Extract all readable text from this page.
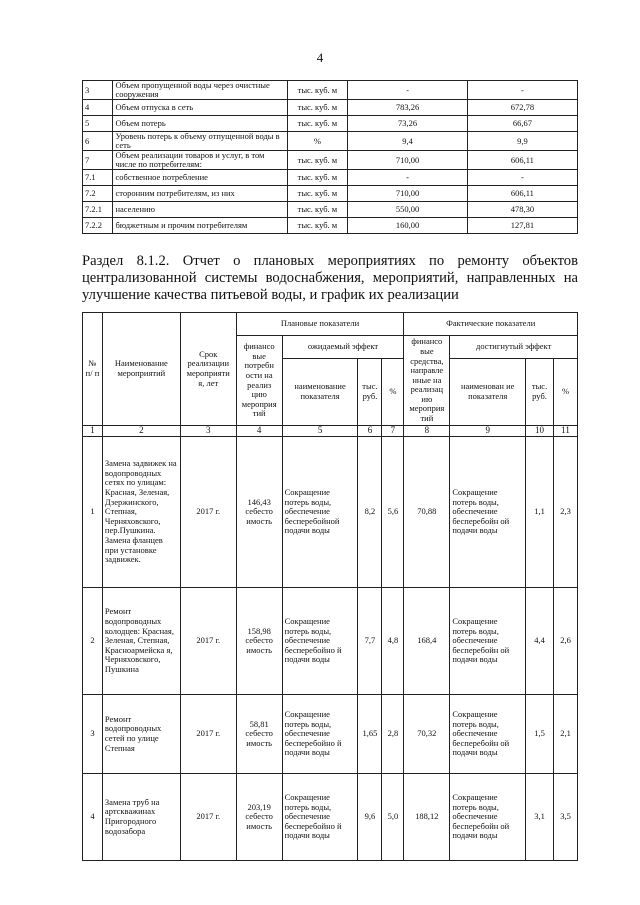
4
3	Объем пропущенной воды через очистные сооружения	тыс. куб. м	-	-
4	Объем отпуска в сеть	тыс. куб. м	783,26	672,78
5	Объем потерь	тыс. куб. м	73,26	66,67
6	Уровень потерь к объему отпущенной воды в сеть	%	9,4	9,9
7	Объем реализации товаров и услуг, в том числе по потребителям:	тыс. куб. м	710,00	606,11
7.1	собственное потребление	тыс. куб. м	-	-
7.2	сторонним потребителям, из них	тыс. куб. м	710,00	606,11
7.2.1	населению	тыс. куб. м	550,00	478,30
7.2.2	бюджетным и прочим потребителям	тыс. куб. м	160,00	127,81
Раздел 8.1.2. Отчет о плановых мероприятиях по ремонту объектов централизованной системы водоснабжения, мероприятий, направленных на улучшение качества питьевой воды, и график их реализации
№ п/ п	Наименование мероприятий	Срок реализации мероприяти я, лет	Плановые показатели				Фактические показатели			
			финансо вые потребн ости на реализ цию мероприя тий	ожидаемый эффект			финансо вые средства, направле нные на реализац ию мероприя тий	достигнутый эффект		
				наименование показателя	тыс. руб.	%		наименован ие показателя	тыс. руб.	%
1	2	3	4	5	6	7	8	9	10	11
1	Замена задвижек на водопроводных сетях по улицам: Красная, Зеленая, Дзержинского, Степная, Черняховского, пер.Пушкина. Замена фланцев при установке задвижек.	2017 г.	146,43 себесто имость	Сокращение потерь воды, обеспечение бесперебойной подачи воды	8,2	5,6	70,88	Сокращение потерь воды, обеспечение бесперебойн ой подачи воды	1,1	2,3
2	Ремонт водопроводных колодцев: Красная, Зеленая, Степная, Красноармейска я, Черняховского, Пушкина	2017 г.	158,98 себесто имость	Сокращение потерь воды, обеспечение бесперебойно й подачи воды	7,7	4,8	168,4	Сокращение потерь воды, обеспечение бесперебойн ой подачи воды	4,4	2,6
3	Ремонт водопроводных сетей по улице Степная	2017 г.	58,81 себесто имость	Сокращение потерь воды, обеспечение бесперебойно й подачи воды	1,65	2,8	70,32	Сокращение потерь воды, обеспечение бесперебойн ой подачи воды	1,5	2,1
4	Замена труб на артскважинах Пригородного водозабора	2017 г.	203,19 себесто имость	Сокращение потерь воды, обеспечение бесперебойно й подачи воды	9,6	5,0	188,12	Сокращение потерь воды, обеспечение бесперебойн ой подачи воды	3,1	3,5
